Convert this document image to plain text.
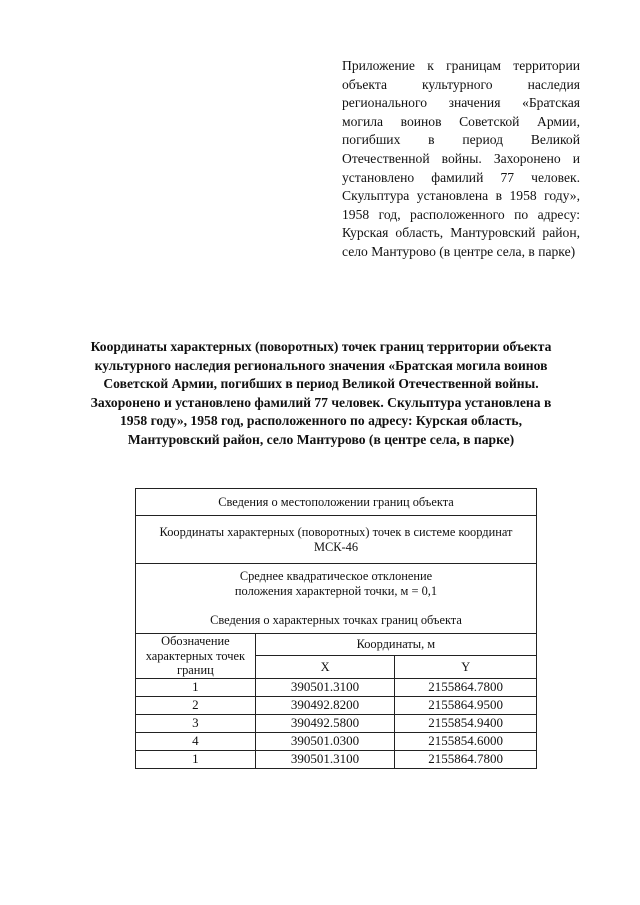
Приложение к границам территории объекта культурного наследия регионального значения «Братская могила воинов Советской Армии, погибших в период Великой Отечественной войны. Захоронено и установлено фамилий 77 человек. Скульптура установлена в 1958 году», 1958 год, расположенного по адресу: Курская область, Мантуровский район, село Мантурово (в центре села, в парке)
Координаты характерных (поворотных) точек границ территории объекта культурного наследия регионального значения «Братская могила воинов Советской Армии, погибших в период Великой Отечественной войны. Захоронено и установлено фамилий 77 человек. Скульптура установлена в 1958 году», 1958 год, расположенного по адресу: Курская область, Мантуровский район, село Мантурово (в центре села, в парке)
Сведения о местоположении границ объекта		
Координаты характерных (поворотных) точек в системе координат МСК-46		

Среднее квадратическое отклонение

положения характерной точки, м = 0,1

Сведения о характерных точках границ объекта		

Обозначение характерных точек границ	Координаты, м	
	X	Y
1	390501.3100	2155864.7800
2	390492.8200	2155864.9500
3	390492.5800	2155854.9400
4	390501.0300	2155854.6000
1	390501.3100	2155864.7800
